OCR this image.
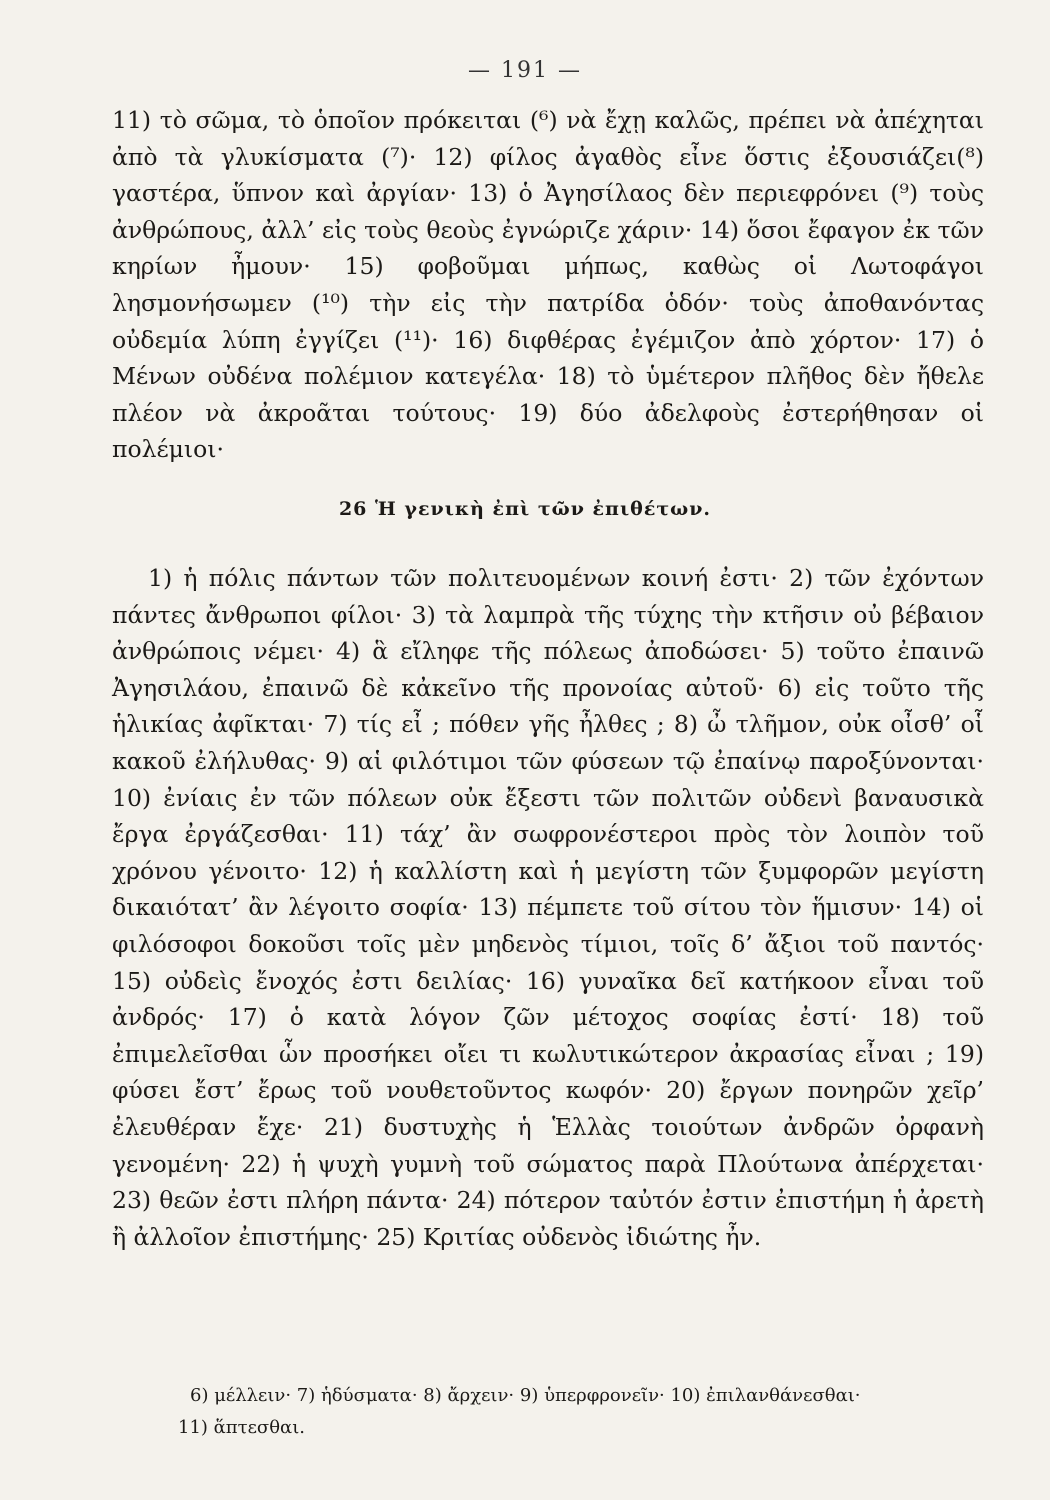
— 191 —

11) τὸ σῶμα, τὸ ὁποῖον πρόκειται (⁶) νὰ ἔχῃ καλῶς, πρέπει νὰ ἀπέχηται ἀπὸ τὰ γλυκίσματα (⁷)· 12) φίλος ἀγαθὸς εἶνε ὅστις ἐξουσιάζει(⁸) γαστέρα, ὕπνον καὶ ἀργίαν· 13) ὁ Ἀγησίλαος δὲν περιεφρόνει (⁹) τοὺς ἀνθρώπους, ἀλλ’ εἰς τοὺς θεοὺς ἐγνώριζε χάριν· 14) ὅσοι ἔφαγον ἐκ τῶν κηρίων ἦμουν· 15) φοβοῦμαι μήπως, καθὼς οἱ Λωτοφάγοι λησμονήσωμεν (¹⁰) τὴν εἰς τὴν πατρίδα ὁδόν· τοὺς ἀποθανόντας οὐδεμία λύπη ἐγγίζει (¹¹)· 16) διφθέρας ἐγέμιζον ἀπὸ χόρτον· 17) ὁ Μένων οὐδένα πολέμιον κατεγέλα· 18) τὸ ὑμέτερον πλῆθος δὲν ἤθελε πλέον νὰ ἀκροᾶται τούτους· 19) δύο ἀδελφοὺς ἐστερήθησαν οἱ πολέμιοι·

26 Ἡ γενικὴ ἐπὶ τῶν ἐπιθέτων.

1) ἡ πόλις πάντων τῶν πολιτευομένων κοινή ἐστι· 2) τῶν ἐχόντων πάντες ἄνθρωποι φίλοι· 3) τὰ λαμπρὰ τῆς τύχης τὴν κτῆσιν οὐ βέβαιον ἀνθρώποις νέμει· 4) ἃ εἴληφε τῆς πόλεως ἀποδώσει· 5) τοῦτο ἐπαινῶ Ἀγησιλάου, ἐπαινῶ δὲ κἀκεῖνο τῆς προνοίας αὐτοῦ· 6) εἰς τοῦτο τῆς ἡλικίας ἀφῖκται· 7) τίς εἶ ; πόθεν γῆς ἦλθες ; 8) ὦ τλῆμον, οὐκ οἶσθ’ οἷ κακοῦ ἐλήλυθας· 9) αἱ φιλότιμοι τῶν φύσεων τῷ ἐπαίνῳ παροξύνονται· 10) ἐνίαις ἐν τῶν πόλεων οὐκ ἔξεστι τῶν πολιτῶν οὐδενὶ βαναυσικὰ ἔργα ἐργάζεσθαι· 11) τάχ’ ἂν σωφρονέστεροι πρὸς τὸν λοιπὸν τοῦ χρόνου γένοιτο· 12) ἡ καλλίστη καὶ ἡ μεγίστη τῶν ξυμφορῶν μεγίστη δικαιότατ’ ἂν λέγοιτο σοφία· 13) πέμπετε τοῦ σίτου τὸν ἥμισυν· 14) οἱ φιλόσοφοι δοκοῦσι τοῖς μὲν μηδενὸς τίμιοι, τοῖς δ’ ἄξιοι τοῦ παντός· 15) οὐδεὶς ἔνοχός ἐστι δειλίας· 16) γυναῖκα δεῖ κατήκοον εἶναι τοῦ ἀνδρός· 17) ὁ κατὰ λόγον ζῶν μέτοχος σοφίας ἐστί· 18) τοῦ ἐπιμελεῖσθαι ὧν προσήκει οἴει τι κωλυτικώτερον ἀκρασίας εἶναι ; 19) φύσει ἔστ’ ἔρως τοῦ νουθετοῦντος κωφόν· 20) ἔργων πονηρῶν χεῖρ’ ἐλευθέραν ἔχε· 21) δυστυχὴς ἡ Ἑλλὰς τοιούτων ἀνδρῶν ὀρφανὴ γενομένη· 22) ἡ ψυχὴ γυμνὴ τοῦ σώματος παρὰ Πλούτωνα ἀπέρχεται· 23) θεῶν ἐστι πλήρη πάντα· 24) πότερον ταὐτόν ἐστιν ἐπιστήμη ἡ ἀρετὴ ἢ ἀλλοῖον ἐπιστήμης· 25) Κριτίας οὐδενὸς ἰδιώτης ἦν.

6) μέλλειν· 7) ἡδύσματα· 8) ἄρχειν· 9) ὑπερφρονεῖν· 10) ἐπιλανθάνεσθαι·

11) ἅπτεσθαι.
